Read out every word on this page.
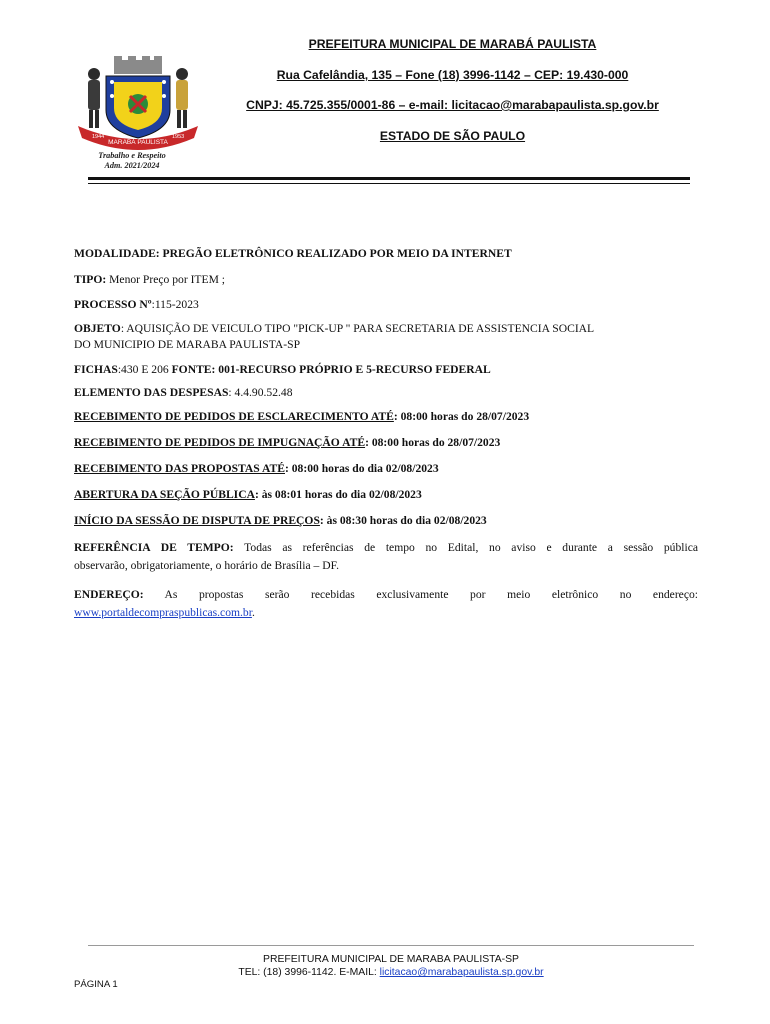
MARABÁ PAULISTA
1944	1953
Trabalho e Respeito
Adm. 2021/2024
PREFEITURA MUNICIPAL DE MARABÁ PAULISTA
Rua Cafelândia, 135 – Fone (18) 3996-1142 – CEP: 19.430-000
CNPJ: 45.725.355/0001-86 – e-mail: licitacao@marabapaulista.sp.gov.br
ESTADO DE SÃO PAULO
MODALIDADE: PREGÃO ELETRÔNICO REALIZADO POR MEIO DA INTERNET
TIPO: Menor Preço por ITEM ;
PROCESSO Nº:115-2023
OBJETO: AQUISIÇÃO DE VEICULO TIPO "PICK-UP " PARA SECRETARIA DE ASSISTENCIA SOCIAL
DO MUNICIPIO DE MARABA PAULISTA-SP
FICHAS:430 E 206 FONTE: 001-RECURSO PRÓPRIO E 5-RECURSO FEDERAL
ELEMENTO DAS DESPESAS: 4.4.90.52.48
RECEBIMENTO DE PEDIDOS DE ESCLARECIMENTO ATÉ: 08:00 horas do 28/07/2023
RECEBIMENTO DE PEDIDOS DE IMPUGNAÇÃO ATÉ: 08:00 horas do 28/07/2023
RECEBIMENTO DAS PROPOSTAS ATÉ: 08:00 horas do dia 02/08/2023
ABERTURA DA SEÇÃO PÚBLICA: às 08:01 horas do dia 02/08/2023
INÍCIO DA SESSÃO DE DISPUTA DE PREÇOS: às 08:30 horas do dia 02/08/2023
REFERÊNCIA DE TEMPO: Todas as referências de tempo no Edital, no aviso e durante a sessão pública
observarão, obrigatoriamente, o horário de Brasília – DF.
ENDEREÇO: As propostas serão recebidas exclusivamente por meio eletrônico no endereço:
www.portaldecompraspublicas.com.br.
PREFEITURA MUNICIPAL DE MARABA PAULISTA-SP
TEL: (18) 3996-1142. E-MAIL: licitacao@marabapaulista.sp.gov.br
PÁGINA 1
